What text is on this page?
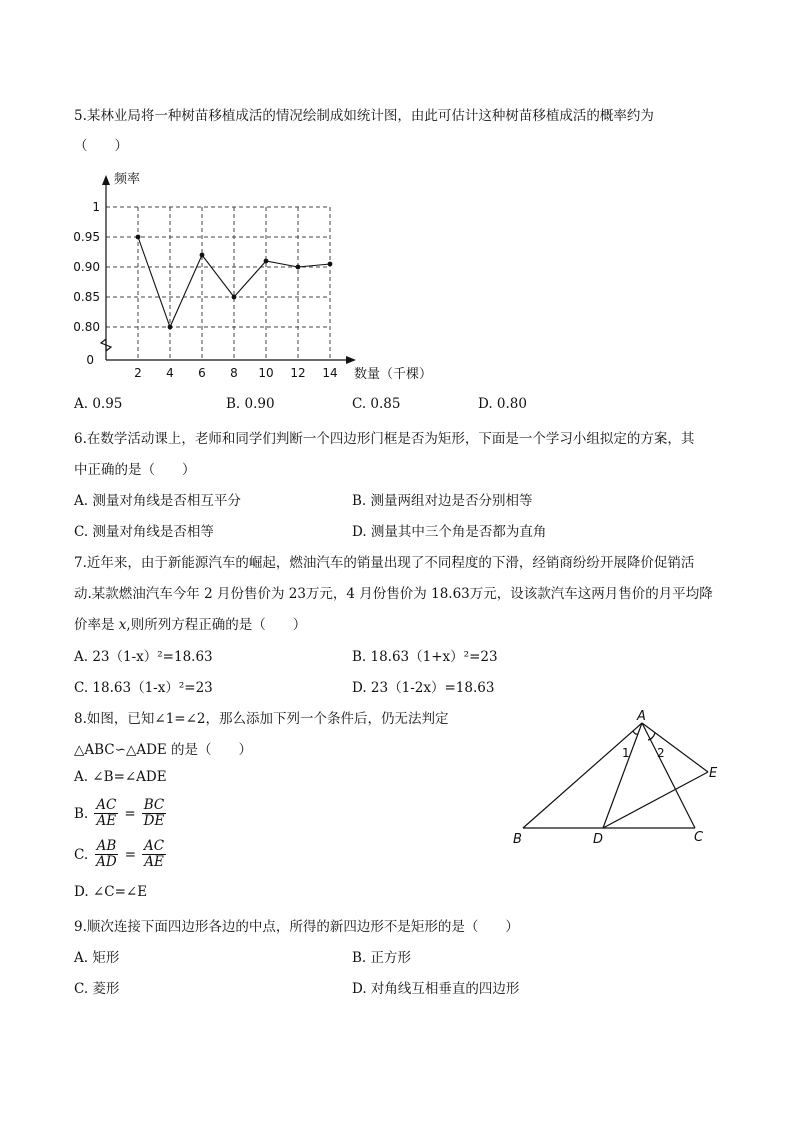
5.某林业局将一种树苗移植成活的情况绘制成如统计图，由此可估计这种树苗移植成活的概率约为
（　　）
1
0.95
0.90
0.85
0.80
0
2 4 6 8 10 12 14
频率
数量（千棵）
A. 0.95	B. 0.90	C. 0.85	D. 0.80
6.在数学活动课上，老师和同学们判断一个四边形门框是否为矩形，下面是一个学习小组拟定的方案，其
中正确的是（　　）
A. 测量对角线是否相互平分	B. 测量两组对边是否分别相等
C. 测量对角线是否相等	D. 测量其中三个角是否都为直角
7.近年来，由于新能源汽车的崛起，燃油汽车的销量出现了不同程度的下滑，经销商纷纷开展降价促销活
动.某款燃油汽车今年 2 月份售价为 23万元，4 月份售价为 18.63万元，设该款汽车这两月售价的月平均降
价率是 x,则所列方程正确的是（　　）
A. 23（1-x）²=18.63	B. 18.63（1+x）²=23
C. 18.63（1-x）²=23	D. 23（1-2x）=18.63
8.如图，已知∠1=∠2，那么添加下列一个条件后，仍无法判定
△ABC∽△ADE 的是（　　）
A. ∠B=∠ADE
B. $\frac{AC}{AE} = \frac{BC}{DE}$
C. $\frac{AB}{AD} = \frac{AC}{AE}$
D. ∠C=∠E
A
B	C
D
E
1 2
9.顺次连接下面四边形各边的中点，所得的新四边形不是矩形的是（　　）
A. 矩形	B. 正方形
C. 菱形	D. 对角线互相垂直的四边形
